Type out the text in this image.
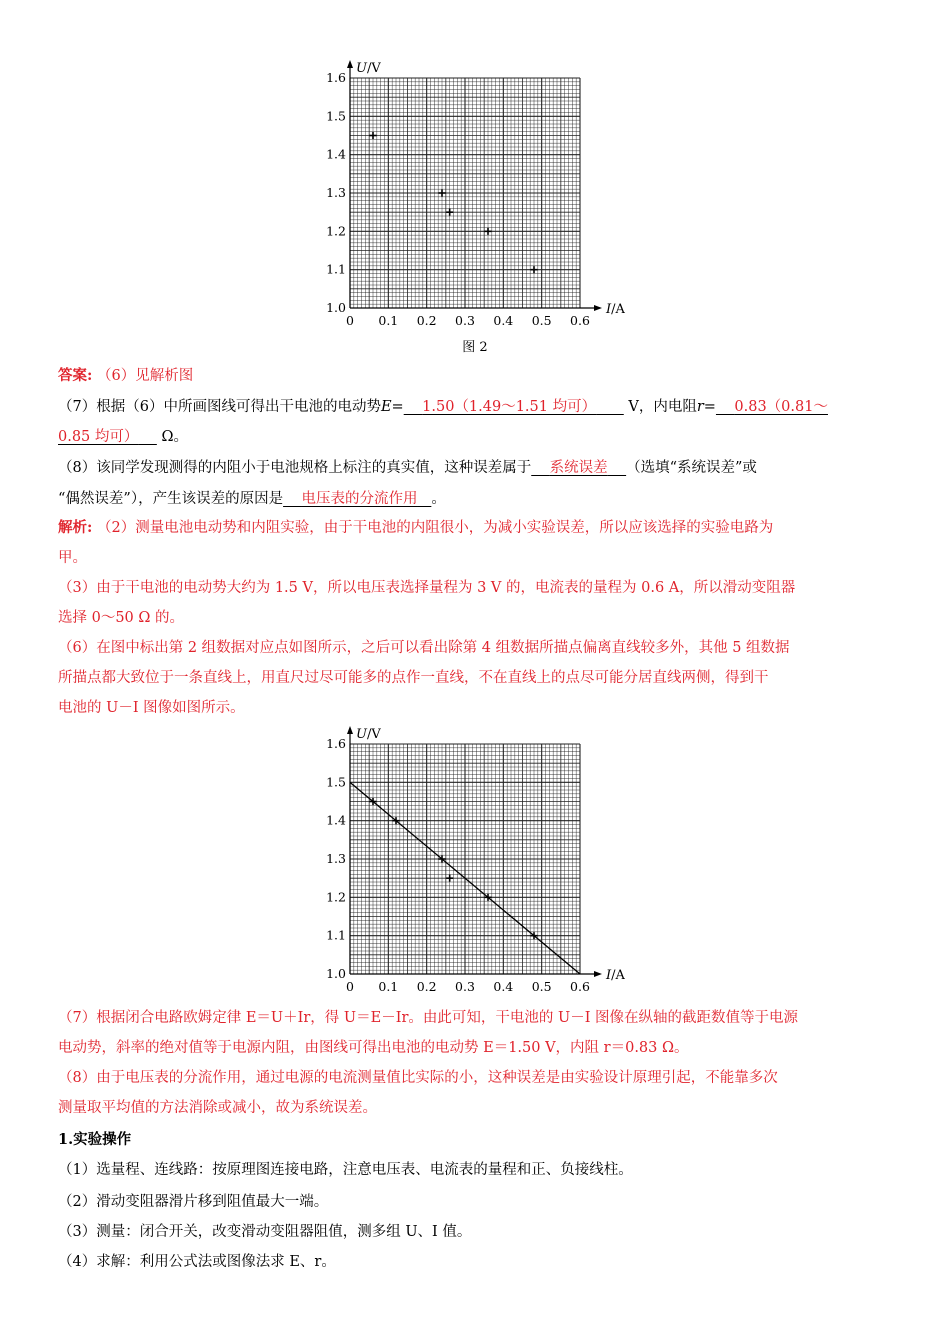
0 0.1 0.2 0.3 0.4 0.5 0.6
1.0
1.1
1.2
1.3
1.4
1.5
1.6
I/A
U/V
图 2
答案: （6）见解析图
（7）根据（6）中所画图线可得出干电池的电动势E= 1.50（1.49～1.51 均可） V，内电阻r= 0.83（0.81～
0.85 均可） Ω。
（8）该同学发现测得的内阻小于电池规格上标注的真实值，这种误差属于 系统误差 （选填“系统误差”或
“偶然误差”），产生该误差的原因是 电压表的分流作用 。
解析: （2）测量电池电动势和内阻实验，由于干电池的内阻很小，为减小实验误差，所以应该选择的实验电路为
甲。
（3）由于干电池的电动势大约为 1.5 V，所以电压表选择量程为 3 V 的，电流表的量程为 0.6 A，所以滑动变阻器
选择 0～50 Ω 的。
（6）在图中标出第 2 组数据对应点如图所示，之后可以看出除第 4 组数据所描点偏离直线较多外，其他 5 组数据
所描点都大致位于一条直线上，用直尺过尽可能多的点作一直线，不在直线上的点尽可能分居直线两侧，得到干
电池的 U－I 图像如图所示。
0 0.1 0.2 0.3 0.4 0.5 0.6
1.0
1.1
1.2
1.3
1.4
1.5
1.6
I/A
U/V
（7）根据闭合电路欧姆定律 E＝U＋Ir，得 U＝E－Ir。由此可知，干电池的 U－I 图像在纵轴的截距数值等于电源
电动势，斜率的绝对值等于电源内阻，由图线可得出电池的电动势 E＝1.50 V，内阻 r＝0.83 Ω。
（8）由于电压表的分流作用，通过电源的电流测量值比实际的小，这种误差是由实验设计原理引起，不能靠多次
测量取平均值的方法消除或减小，故为系统误差。
1.实验操作
（1）选量程、连线路：按原理图连接电路，注意电压表、电流表的量程和正、负接线柱。
（2）滑动变阻器滑片移到阻值最大一端。
（3）测量：闭合开关，改变滑动变阻器阻值，测多组 U、I 值。
（4）求解：利用公式法或图像法求 E、r。
